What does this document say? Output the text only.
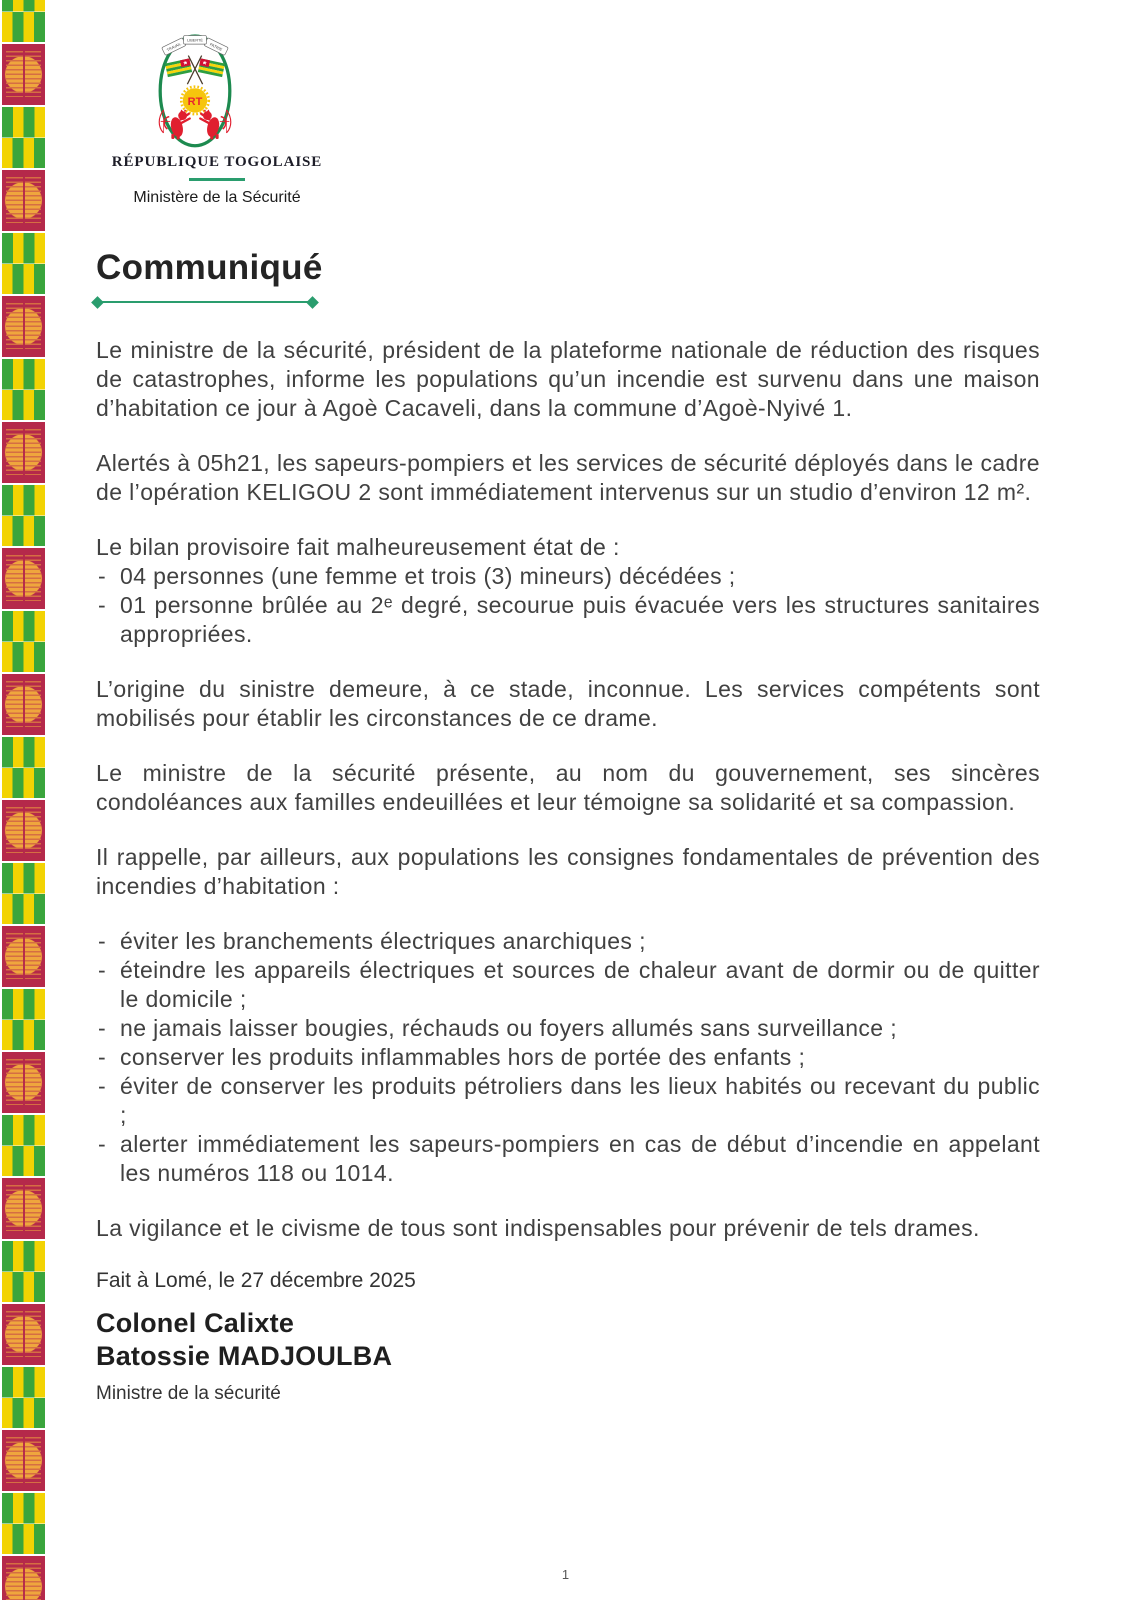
TRAVAIL	PATRIE
LIBERTÉ
RT
RÉPUBLIQUE TOGOLAISE
Ministère de la Sécurité
Communiqué

Le ministre de la sécurité, président de la plateforme nationale de réduction des risques de catastrophes, informe les populations qu’un incendie est survenu dans une maison d’habitation ce jour à Agoè Cacaveli, dans la commune d’Agoè-Nyivé 1.

Alertés à 05h21, les sapeurs-pompiers et les services de sécurité déployés dans le cadre de l’opération KELIGOU 2 sont immédiatement intervenus sur un studio d’environ 12 m².

Le bilan provisoire fait malheureusement état de :

- 04 personnes (une femme et trois (3) mineurs) décédées ;
- 01 personne brûlée au 2ᵉ degré, secourue puis évacuée vers les structures sanitaires appropriées.

L’origine du sinistre demeure, à ce stade, inconnue. Les services compétents sont mobilisés pour établir les circonstances de ce drame.

Le ministre de la sécurité présente, au nom du gouvernement, ses sincères condoléances aux familles endeuillées et leur témoigne sa solidarité et sa compassion.

Il rappelle, par ailleurs, aux populations les consignes fondamentales de prévention des incendies d’habitation :

- éviter les branchements électriques anarchiques ;
- éteindre les appareils électriques et sources de chaleur avant de dormir ou de quitter le domicile ;
- ne jamais laisser bougies, réchauds ou foyers allumés sans surveillance ;
- conserver les produits inflammables hors de portée des enfants ;
- éviter de conserver les produits pétroliers dans les lieux habités ou recevant du public ;
- alerter immédiatement les sapeurs-pompiers en cas de début d’incendie en appelant les numéros 118 ou 1014.

La vigilance et le civisme de tous sont indispensables pour prévenir de tels drames.

Fait à Lomé, le 27 décembre 2025

Colonel Calixte

Batossie MADJOULBA

Ministre de la sécurité
1
